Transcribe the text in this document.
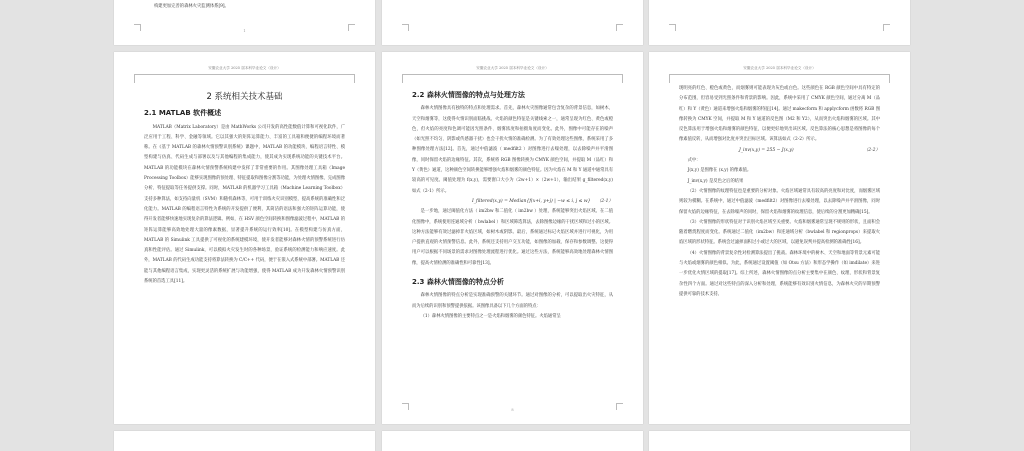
构建更加完善的森林火灾监测体系[9]。
1
安徽农业大学 2025 届本科毕业论文（设计）
2 系统相关技术基础
2.1 MATLAB 软件概述

MATLAB（Matrix Laboratory）是由 MathWorks 公司开发的高性能数值计算和可视化软件，广泛应用于工程、科学、金融等领域。它以其强大的矩阵运算能力、丰富的工具箱和便捷的编程环境而著称。在《基于 MATLAB 的森林火情预警识别系统》课题中，MATLAB 的功能模块、编程语言特性、模型构建与仿真、代码生成与部署以及与其他编程的集成能力，使其成为实现系统功能的关键技术平台。MATLAB 的功能模块在森林火情预警系统构建中发挥了非常重要的作用。其图像处理工具箱（Image Processing Toolbox）能够实现图像的预处理、特征提取和图像分割等功能，为处理火情图像、完成图像分析、特征提取等任务提供支撑。同时，MATLAB 的机器学习工具箱（Machine Learning Toolbox）支持多种算法，如支持向量机（SVM）和随机森林等，可用于训练火灾识别模型，提高系统的准确性和泛化能力。MATLAB 的编程语言特性为系统的开发提供了便利，其简洁的语法和强大的矩阵运算功能，使得开发者能够快速地实现复杂的算法逻辑。例如，在 HSV 颜色空间转换和图像滤波过程中，MATLAB 的矩阵运算能够高效地处理大量的像素数据，显著提升系统的运行效率[10]。在模型构建与仿真方面，MATLAB 的 Simulink 工具提供了可视化的系统建模环境，使开发者能够对森林火情的预警系统进行仿真和性能评估。通过 Simulink，可以模拟火灾发生时的各种场景，验证系统的检测能力和响应速度。此外，MATLAB 的代码生成功能支持将算法转换为 C/C++ 代码，便于在嵌入式系统中部署。MATLAB 还能与其他编程语言集成，实现更灵活的系统扩展与功能增强，使得 MATLAB 成为开发森林火情预警识别系统的首选工具[11]。

安徽农业大学 2025 届本科毕业论文（设计）
2.2 森林火情图像的特点与处理方法

森林火情图像具有独特的特点和处理需求。首先，森林火灾图像通常包含复杂的背景信息，如树木、天空和烟雾等，这使得火情识别面临挑战。火焰的颜色特征是关键线索之一，通常呈现为红色、黄色或橙色，但火焰的亮度和色调可能因光照条件、烟雾浓度和拍摄角度而变化。此外，图像中可能存在的噪声（如光照不均匀、阴影或传感器干扰）也会干扰火情的准确检测。为了有效处理这些图像，系统采用了多种图像处理方法[12]。首先，通过中值滤波（ medfilt2 ）对图像进行去噪处理，以去除噪声并平滑图像，同时保留火焰的边缘特征。其次，系统将 RGB 图像转换为 CMYK 颜色空间，并提取 M（品红）和 Y（黄色）通道，这种颜色空间转换能够增强火焰和烟雾的颜色特征。因为火焰在 M 和 Y 通道中通常具有较高的可见度。阈值处理为 f(x,y)，需要窗口大小为（2w+1）×（2w+1），输出结果 g_filtered(x,y) 如式（2-1）所示。

I_filtered(x,y) = Median{f(x+i, y+j) | −w ≤ i, j ≤ w} （2-1）

是一步地，通过阈值化方法（ im2bw 和二值化（ im2bw ）处理，系统能够突出火焰区域。在二值化图像中，系统使用连通域分析（ bwlabel ）和区域筛选算法，去除图像边缘的干扰区域和过小的区域。这种方法能够有效过滤掉非火焰区域，如树木或阴影。最后，系统通过标记火焰区域并进行可视化，为用户提供直观的火情预警信息。此外，系统还支持用户交互功能，如图像的加载、保存和参数调整。这使得用户可以根据不同场景的需求对图像处理流程进行优化。通过这些方法，系统能够高效地处理森林火情图像，提高火情检测的准确性和可靠性[13]。

2.3 森林火情图像的特点分析

森林火情图像的特点分析是实现准确预警的关键环节。通过对图像的分析，可以提取出火灾特征，从而为后续的识别和预警提供依据。该图像具备以下几个方面的特点：

（1）森林火情图像的主要特点之一是火焰和烟雾的颜色特征。火焰通常呈

8
安徽农业大学 2025 届本科毕业论文（设计）

现明亮的红色、橙色或黄色，而烟雾则可能表现为灰色或白色。这些颜色在 RGB 颜色空间中具有特定的分布范围，但容易受到光照条件和背景的影响。因此，系统中采用了 CMYK 颜色空间，通过分离 M（品红）和 Y（黄色）通道来增强火焰和烟雾的特征[14]。通过 makecform 和 applycform 函数将 RGB 图像转换为 CMYK 空间，并提取 M 和 Y 通道的反色图（M2 和 Y2），从而突出火焰和烟雾的区域。其中反色算法用于增强火焰和烟雾的颜色特征，以便更好地突出该区域。反色算法的核心思想是将图像的每个像素值反转，从而增强对比度并突出目标区域。该算法如式（2-2）所示。

J_inv(x,y) = 255 − J(x,y)	（2-2）

式中：

J(x,y) 是图像在 (x,y) 的像素值。

J_inv(x,y) 是反色之后的结果

（2）火情图像的纹理特征也是重要的分析对象。火焰区域通常具有较高的亮度和对比度，而烟雾区域则较为模糊。在系统中，通过中值滤波（medfilt2）对图像进行去噪处理，以去除噪声并平滑图像，同时保留火焰的边缘特征，在去除噪声的同时，保留火焰和烟雾的纹理信息，使后续的分割更加精确[15]。

（3）火情图像的形状特征对于识别火焰区域至关重要。火焰和烟雾通常呈现不规则的形状，且面积会随着燃烧程度而变化。系统通过二值化（im2bw）和连通域分析（bwlabel 和 regionprops）来提取火焰区域的形状特征。系统会过滤掉面积过小或过大的区域，以避免误判并提高检测的准确性[16]。

（4）火情图像的背景复杂性对检测算法提出了挑战。森林环境中的树木、天空和地面等背景元素可能与火焰或烟雾的颜色相似。为此，系统通过设置阈值（如 Otsu 方法）和形态学操作（如 imdilate）来进一步优化火情区域的提取[17]。综上所述，森林火情图像的点分析主要集中在颜色、纹理、形状和背景复杂性四个方面。通过对这些特点的深入分析和处理，系统能够有效识别火情信息，为森林火灾的早期预警提供可靠的技术支持。
